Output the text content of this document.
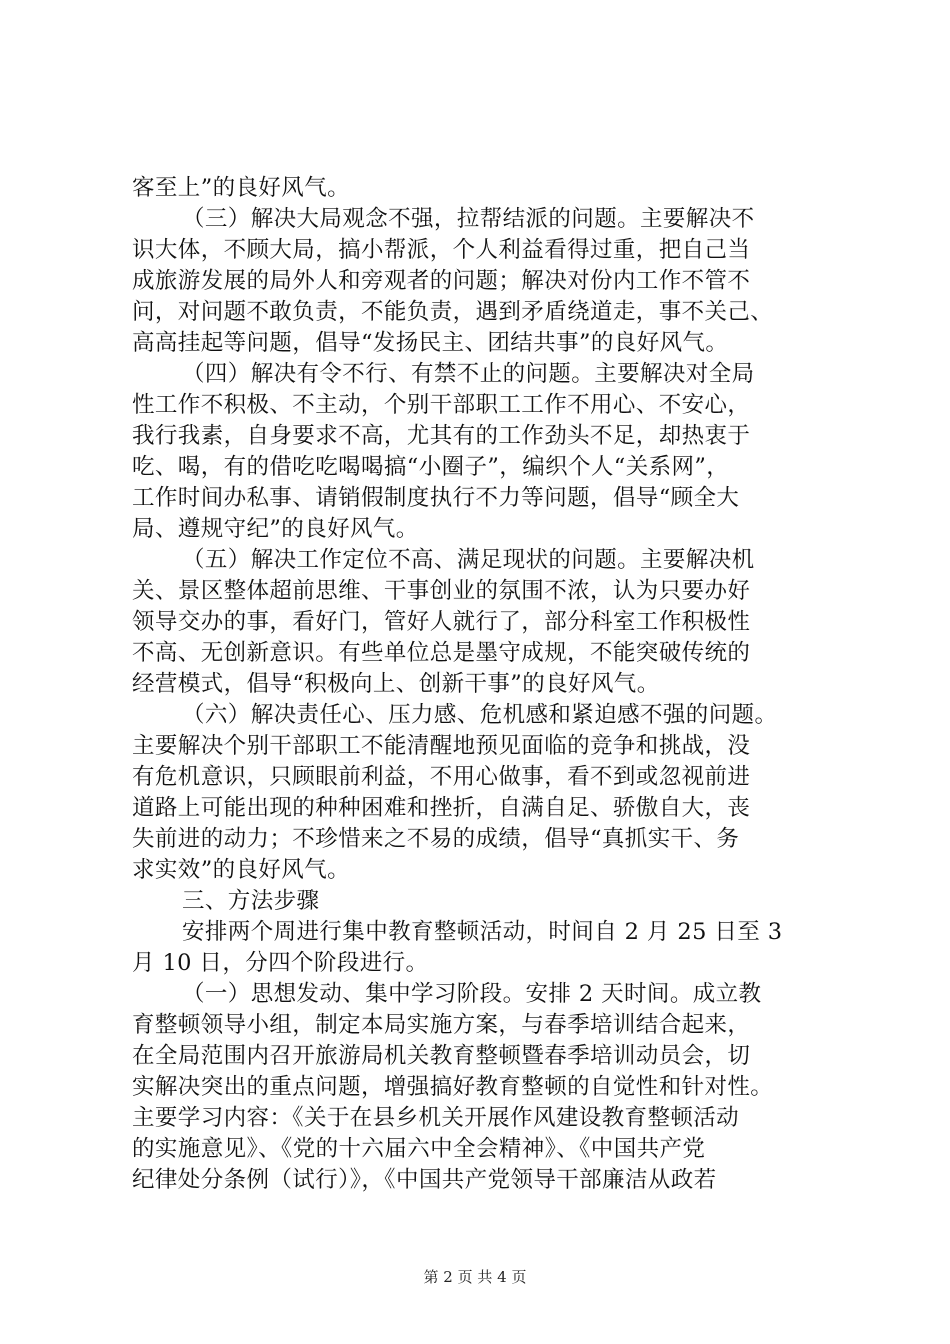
客至上”的良好风气。
（三）解决大局观念不强，拉帮结派的问题。主要解决不
识大体，不顾大局，搞小帮派，个人利益看得过重，把自己当
成旅游发展的局外人和旁观者的问题；解决对份内工作不管不
问，对问题不敢负责，不能负责，遇到矛盾绕道走，事不关己、
高高挂起等问题，倡导“发扬民主、团结共事”的良好风气。
（四）解决有令不行、有禁不止的问题。主要解决对全局
性工作不积极、不主动，个别干部职工工作不用心、不安心，
我行我素，自身要求不高，尤其有的工作劲头不足，却热衷于
吃、喝，有的借吃吃喝喝搞“小圈子”，编织个人“关系网”，
工作时间办私事、请销假制度执行不力等问题，倡导“顾全大
局、遵规守纪”的良好风气。
（五）解决工作定位不高、满足现状的问题。主要解决机
关、景区整体超前思维、干事创业的氛围不浓，认为只要办好
领导交办的事，看好门，管好人就行了，部分科室工作积极性
不高、无创新意识。有些单位总是墨守成规，不能突破传统的
经营模式，倡导“积极向上、创新干事”的良好风气。
（六）解决责任心、压力感、危机感和紧迫感不强的问题。
主要解决个别干部职工不能清醒地预见面临的竞争和挑战，没
有危机意识，只顾眼前利益，不用心做事，看不到或忽视前进
道路上可能出现的种种困难和挫折，自满自足、骄傲自大，丧
失前进的动力；不珍惜来之不易的成绩，倡导“真抓实干、务
求实效”的良好风气。
三、方法步骤
安排两个周进行集中教育整顿活动，时间自 2 月 25 日至 3
月 10 日，分四个阶段进行。
（一）思想发动、集中学习阶段。安排 2 天时间。成立教
育整顿领导小组，制定本局实施方案，与春季培训结合起来，
在全局范围内召开旅游局机关教育整顿暨春季培训动员会，切
实解决突出的重点问题，增强搞好教育整顿的自觉性和针对性。
主要学习内容：《关于在县乡机关开展作风建设教育整顿活动
的实施意见》、《党的十六届六中全会精神》、《中国共产党
纪律处分条例（试行）》，《中国共产党领导干部廉洁从政若
第 2 页 共 4 页
